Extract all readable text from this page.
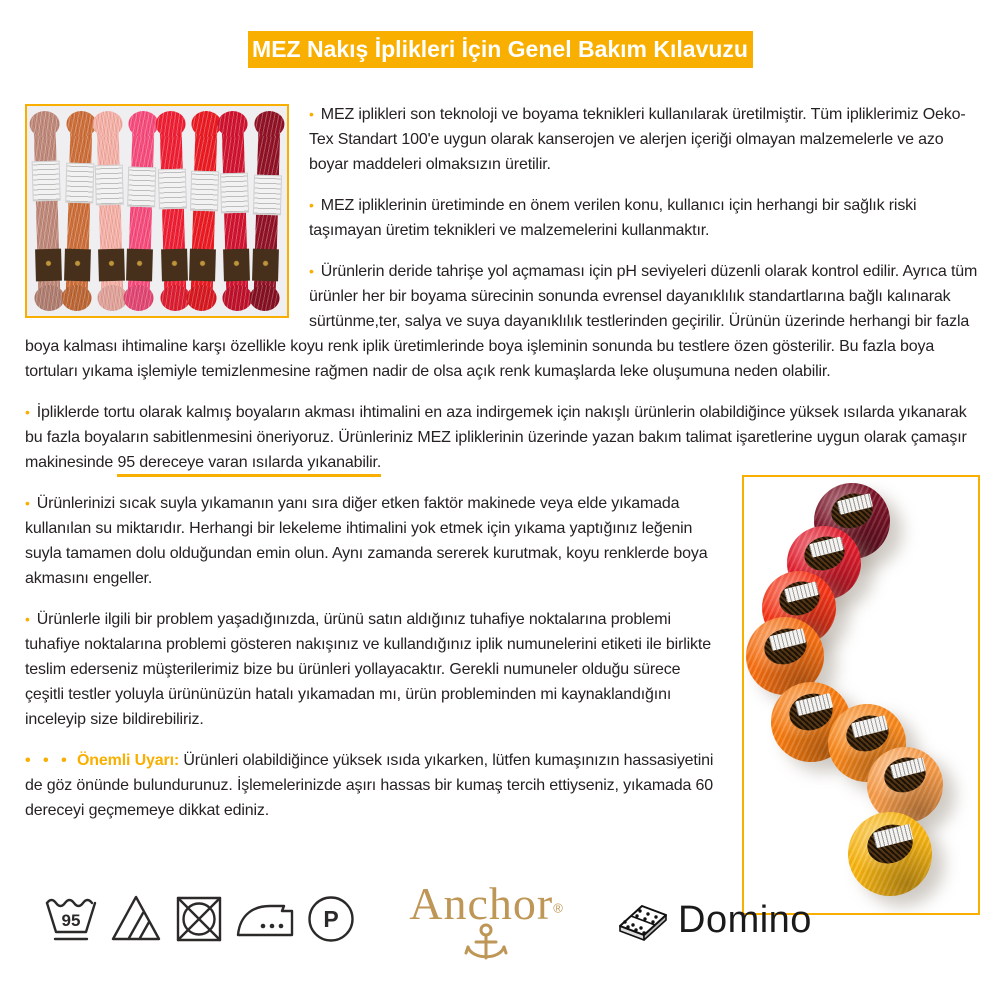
MEZ Nakış İplikleri İçin Genel Bakım Kılavuzu

• MEZ iplikleri son teknoloji ve boyama teknikleri kullanılarak üretilmiştir. Tüm ipliklerimiz Oeko-Tex Standart 100'e uygun olarak kanserojen ve alerjen içeriği olmayan malzemelerle ve azo boyar maddeleri olmaksızın üretilir.

• MEZ ipliklerinin üretiminde en önem verilen konu, kullanıcı için herhangi bir sağlık riski taşımayan üretim teknikleri ve malzemelerini kullanmaktır.

• Ürünlerin deride tahrişe yol açmaması için pH seviyeleri düzenli olarak kontrol edilir. Ayrıca tüm ürünler her bir boyama sürecinin sonunda evrensel dayanıklılık standartlarına bağlı kalınarak sürtünme,ter, salya ve suya dayanıklılık testlerinden geçirilir. Ürünün üzerinde herhangi bir fazla boya kalması ihtimaline karşı özellikle koyu renk iplik üretimlerinde boya işleminin sonunda bu testlere özen gösterilir. Bu fazla boya tortuları yıkama işlemiyle temizlenmesine rağmen nadir de olsa açık renk kumaşlarda leke oluşumuna neden olabilir.

• İpliklerde tortu olarak kalmış boyaların akması ihtimalini en aza indirgemek için nakışlı ürünlerin olabildiğince yüksek ısılarda yıkanarak bu fazla boyaların sabitlenmesini öneriyoruz. Ürünleriniz MEZ ipliklerinin üzerinde yazan bakım talimat işaretlerine uygun olarak çamaşır makinesinde 95 dereceye varan ısılarda yıkanabilir.

• Ürünlerinizi sıcak suyla yıkamanın yanı sıra diğer etken faktör makinede veya elde yıkamada kullanılan su miktarıdır. Herhangi bir lekeleme ihtimalini yok etmek için yıkama yaptığınız leğenin suyla tamamen dolu olduğundan emin olun. Aynı zamanda sererek kurutmak, koyu renklerde boya akmasını engeller.

• Ürünlerle ilgili bir problem yaşadığınızda, ürünü satın aldığınız tuhafiye noktalarına problemi tuhafiye noktalarına problemi gösteren nakışınız ve kullandığınız iplik numunelerini etiketi ile birlikte teslim ederseniz müşterilerimiz bize bu ürünleri yollayacaktır. Gerekli numuneler olduğu sürece çeşitli testler yoluyla ürününüzün hatalı yıkamadan mı, ürün probleminden mi kaynaklandığını inceleyip size bildirebiliriz.

• • • Önemli Uyarı: Ürünleri olabildiğince yüksek ısıda yıkarken, lütfen kumaşınızın hassasiyetini de göz önünde bulundurunuz. İşlemelerinizde aşırı hassas bir kumaş tercih ettiyseniz, yıkamada 60 dereceyi geçmemeye dikkat ediniz.

95	P Anchor®	Domino
